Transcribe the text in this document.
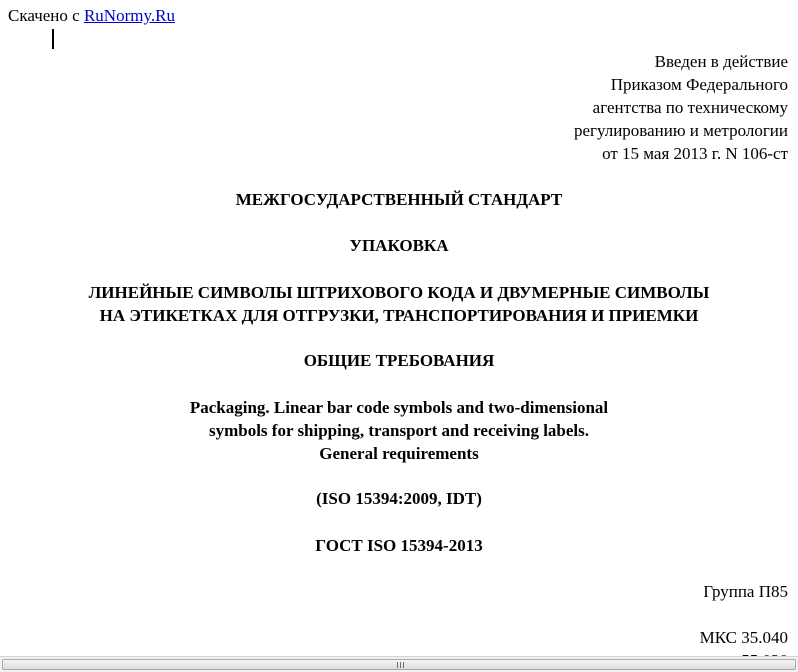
Скачено с RuNormy.Ru
Введен в действие
Приказом Федерального
агентства по техническому
регулированию и метрологии
от 15 мая 2013 г. N 106-ст
МЕЖГОСУДАРСТВЕННЫЙ СТАНДАРТ
УПАКОВКА
ЛИНЕЙНЫЕ СИМВОЛЫ ШТРИХОВОГО КОДА И ДВУМЕРНЫЕ СИМВОЛЫ
НА ЭТИКЕТКАХ ДЛЯ ОТГРУЗКИ, ТРАНСПОРТИРОВАНИЯ И ПРИЕМКИ
ОБЩИЕ ТРЕБОВАНИЯ
Packaging. Linear bar code symbols and two-dimensional
symbols for shipping, transport and receiving labels.
General requirements
(ISO 15394:2009, IDT)
ГОСТ ISO 15394-2013
Группа П85
МКС 35.040
